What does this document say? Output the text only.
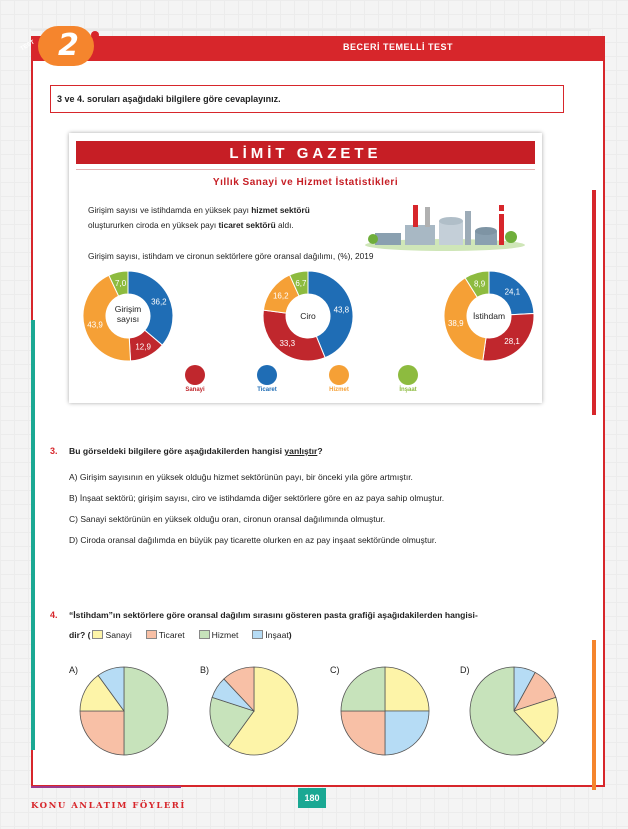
BECERİ TEMELLİ TEST
TEST 2
3 ve 4. soruları aşağıdaki bilgilere göre cevaplayınız.
LİMİT GAZETE
Yıllık Sanayi ve Hizmet İstatistikleri
Girişim sayısı ve istihdamda en yüksek payı hizmet sektörü
oluştururken ciroda en yüksek payı ticaret sektörü aldı.
Girişim sayısı, istihdam ve cironun sektörlere göre oransal dağılımı, (%), 2019
36,2
12,9
43,9
7,0
Girişim
sayısı
43,8
33,3
16,2
6,7
Ciro
24,1
28,1
38,9
8,9
İstihdam
Sanayi	Ticaret	Hizmet	İnşaat
3. Bu görseldeki bilgilere göre aşağıdakilerden hangisi yanlıştır?
A) Girişim sayısının en yüksek olduğu hizmet sektörünün payı, bir önceki yıla göre artmıştır.
B) İnşaat sektörü; girişim sayısı, ciro ve istihdamda diğer sektörlere göre en az paya sahip olmuştur.
C) Sanayi sektörünün en yüksek olduğu oran, cironun oransal dağılımında olmuştur.
D) Ciroda oransal dağılımda en büyük pay ticarette olurken en az pay inşaat sektöründe olmuştur.
4. “İstihdam”ın sektörlere göre oransal dağılım sırasını gösteren pasta grafiği aşağıdakilerden hangisi-
dir? ( Sanayi	Ticaret	Hizmet	İnşaat)
A)	B)	C)	D)
KONU ANLATIM FÖYLERİ
180
